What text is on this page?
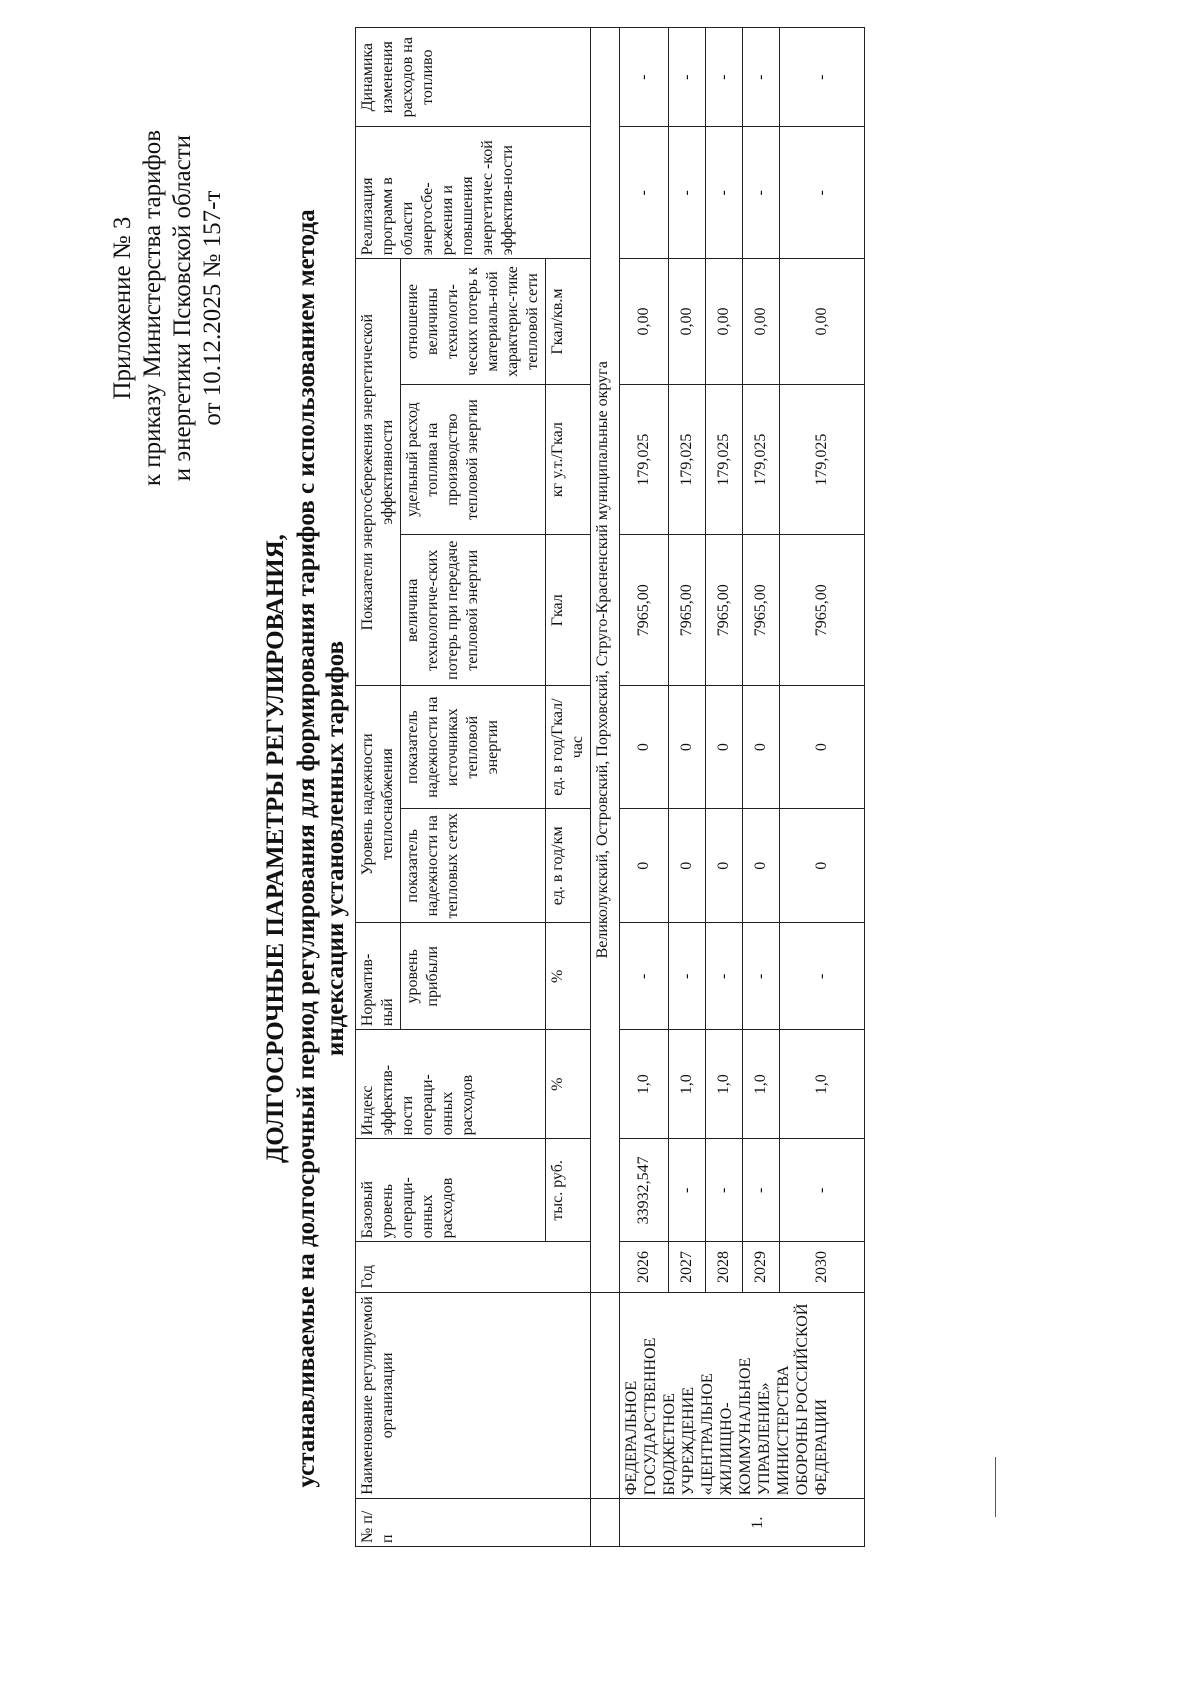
Приложение № 3 к приказу Министерства тарифов и энергетики Псковской области от 10.12.2025 № 157-т
ДОЛГОСРОЧНЫЕ ПАРАМЕТРЫ РЕГУЛИРОВАНИЯ, устанавливаемые на долгосрочный период регулирования для формирования тарифов с использованием метода индексации установленных тарифов
№ п/п	Наименование регулируемой организации	Год	Базовый уровень операци-онных расходов	Индекс эффектив-ности операци-онных расходов	Норматив-ный	Уровень надежности теплоснабжения		Показатели энергосбережения энергетической эффективности			Реализация программ в области энергосбе-режения и повышения энергетичес -кой эффектив-ности	Динамика изменения расходов на топливо
					уровень прибыли	показатель надежности на тепловых сетях	показатель надежности на источниках тепловой энергии	величина технологиче-ских потерь при передаче тепловой энергии	удельный расход топлива на производство тепловой энергии	отношение величины технологи-ческих потерь к материаль-ной характерис-тике тепловой сети		
			тыс. руб.	%	%	ед. в год/км	ед. в год/Гкал/час	Гкал	кг у.т./Гкал	Гкал/кв.м		
		Великолукский, Островский, Порховский, Струго-Красненский муниципальные округа										
1.	ФЕДЕРАЛЬНОЕ ГОСУДАРСТВЕННОЕ БЮДЖЕТНОЕ УЧРЕЖДЕНИЕ «ЦЕНТРАЛЬНОЕ ЖИЛИЩНО-КОММУНАЛЬНОЕ УПРАВЛЕНИЕ» МИНИСТЕРСТВА ОБОРОНЫ РОССИЙСКОЙ ФЕДЕРАЦИИ	2026	33932,547	1,0	-	0	0	7965,00	179,025	0,00	-	-
		2027	-	1,0	-	0	0	7965,00	179,025	0,00	-	-
		2028	-	1,0	-	0	0	7965,00	179,025	0,00	-	-
		2029	-	1,0	-	0	0	7965,00	179,025	0,00	-	-
		2030	-	1,0	-	0	0	7965,00	179,025	0,00	-	-
